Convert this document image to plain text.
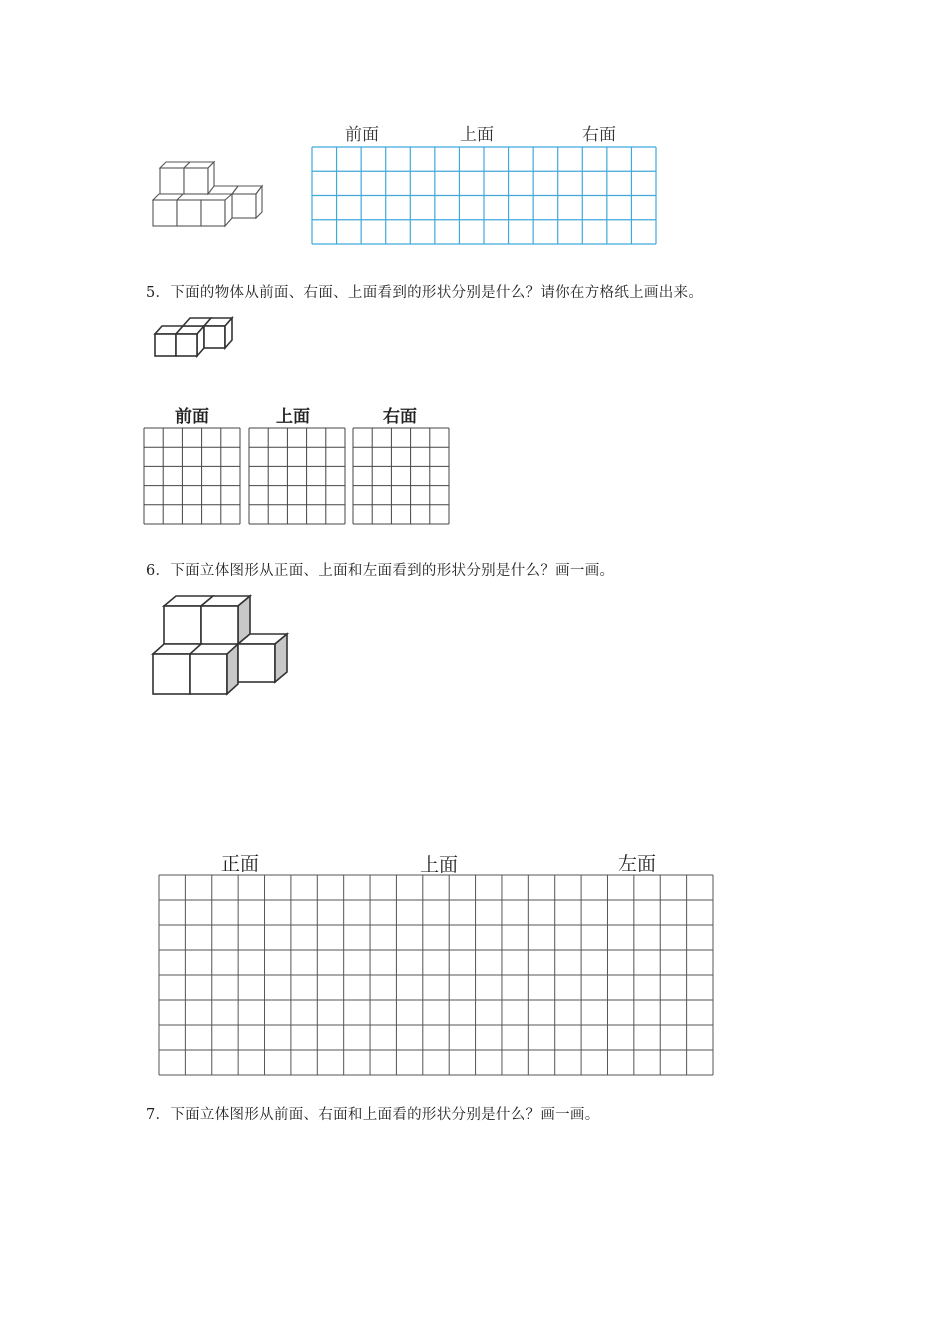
前面	上面	右面
5．下面的物体从前面、右面、上面看到的形状分别是什么？请你在方格纸上画出来。
前面	上面	右面
6．下面立体图形从正面、上面和左面看到的形状分别是什么？画一画。
正面	上面	左面
7．下面立体图形从前面、右面和上面看的形状分别是什么？画一画。
